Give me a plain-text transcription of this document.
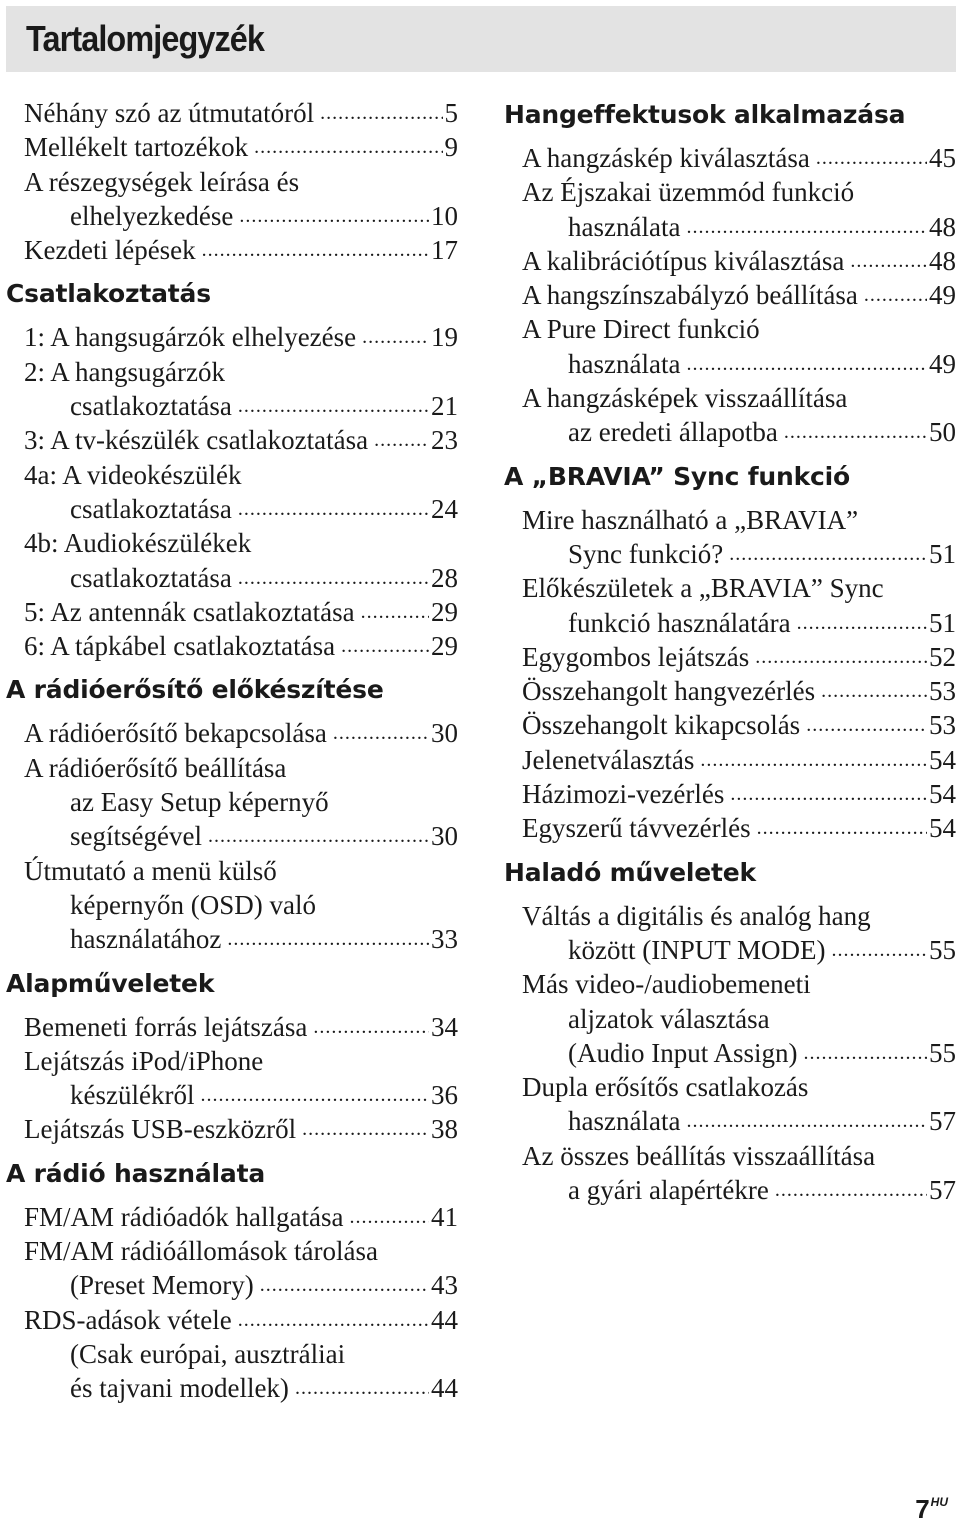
Tartalomjegyzék
Néhány szó az útmutatóról .....	5
Mellékelt tartozékok .....	9
A részegységek leírása és
elhelyezkedése .....	10
Kezdeti lépések .....	17
Csatlakoztatás
1: A hangsugárzók elhelyezése .....	19
2: A hangsugárzók
csatlakoztatása .....	21
3: A tv-készülék csatlakoztatása ..... 23
4a: A videokészülék
csatlakoztatása .....	24
4b: Audiokészülékek
csatlakoztatása .....	28
5: Az antennák csatlakoztatása .....	29
6: A tápkábel csatlakoztatása .....	29
A rádióerősítő előkészítése
A rádióerősítő bekapcsolása .....	30
A rádióerősítő beállítása
az Easy Setup képernyő
segítségével .....	30
Útmutató a menü külső
képernyőn (OSD) való
használatához .....	33
Alapműveletek
Bemeneti forrás lejátszása .....	34
Lejátszás iPod/iPhone
készülékről .....	36
Lejátszás USB-eszközről .....	38
A rádió használata
FM/AM rádióadók hallgatása .....	41
FM/AM rádióállomások tárolása
(Preset Memory) .....	43
RDS-adások vétele .....	44
(Csak európai, ausztráliai
és tajvani modellek) .....	44
Hangeffektusok alkalmazása
A hangzáskép kiválasztása .....	45
Az Éjszakai üzemmód funkció
használata .....	48
A kalibrációtípus kiválasztása .....	48
A hangszínszabályzó beállítása .....	49
A Pure Direct funkció
használata .....	49
A hangzásképek visszaállítása
az eredeti állapotba .....	50
A „BRAVIA” Sync funkció
Mire használható a „BRAVIA”
Sync funkció? .....	51
Előkészületek a „BRAVIA” Sync
funkció használatára .....	51
Egygombos lejátszás .....	52
Összehangolt hangvezérlés .....	53
Összehangolt kikapcsolás .....	53
Jelenetválasztás .....	54
Házimozi-vezérlés .....	54
Egyszerű távvezérlés .....	54
Haladó műveletek
Váltás a digitális és analóg hang
között (INPUT MODE) .....	55
Más video-/audiobemeneti
aljzatok választása
(Audio Input Assign) .....	55
Dupla erősítős csatlakozás
használata .....	57
Az összes beállítás visszaállítása
a gyári alapértékre .....	57
$7^{HU}$
